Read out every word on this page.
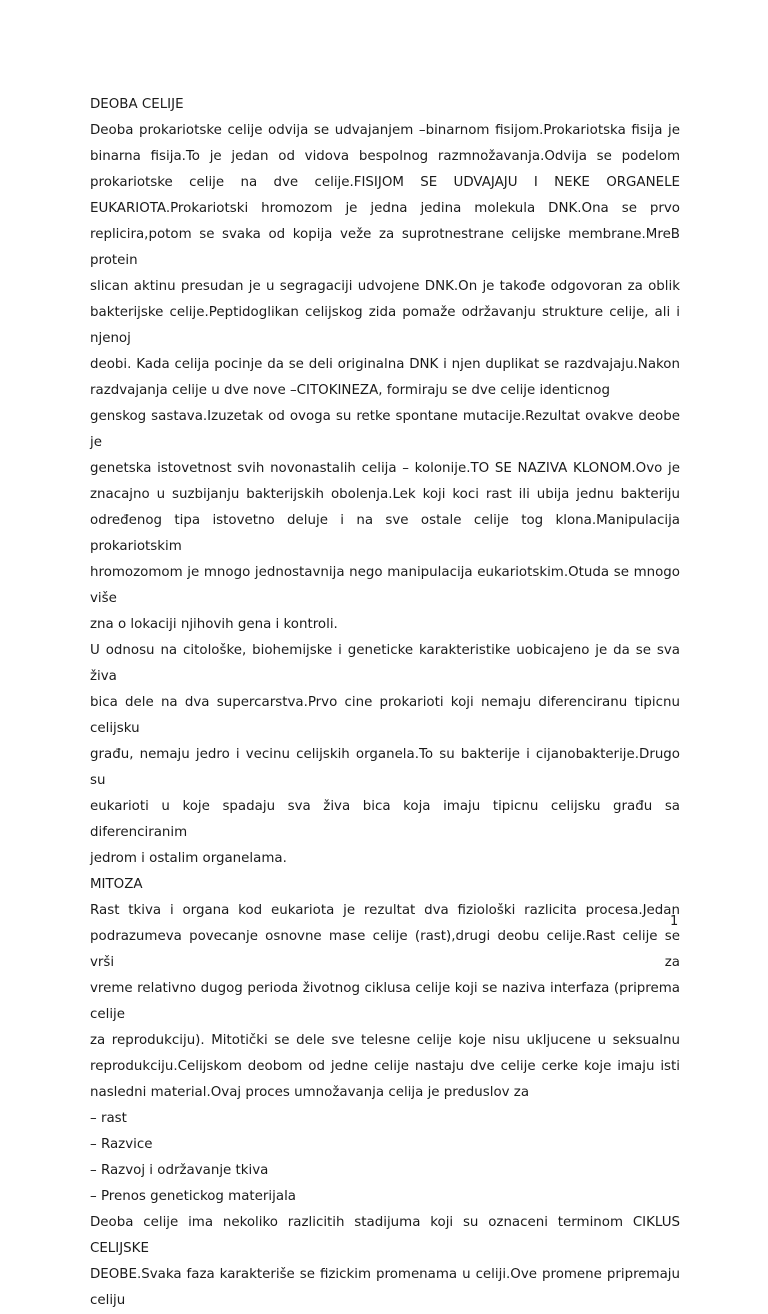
DEOBA CELIJE

Deoba prokariotske celije odvija se udvajanjem –binarnom fisijom.Prokariotska fisija je

binarna fisija.To je jedan od vidova bespolnog razmnožavanja.Odvija se podelom

prokariotske celije na dve celije.FISIJOM SE UDVAJAJU I NEKE ORGANELE

EUKARIOTA.Prokariotski hromozom je jedna jedina molekula DNK.Ona se prvo

replicira,potom se svaka od kopija veže za suprotnestrane celijske membrane.MreB protein

slican aktinu presudan je u segragaciji udvojene DNK.On je takođe odgovoran za oblik

bakterijske celije.Peptidoglikan celijskog zida pomaže održavanju strukture celije, ali i njenoj

deobi. Kada celija pocinje da se deli originalna DNK i njen duplikat se razdvajaju.Nakon

razdvajanja celije u dve nove –CITOKINEZA, formiraju se dve celije identicnog

genskog sastava.Izuzetak od ovoga su retke spontane mutacije.Rezultat ovakve deobe je

genetska istovetnost svih novonastalih celija – kolonije.TO SE NAZIVA KLONOM.Ovo je

znacajno u suzbijanju bakterijskih obolenja.Lek koji koci rast ili ubija jednu bakteriju

određenog tipa istovetno deluje i na sve ostale celije tog klona.Manipulacija prokariotskim

hromozomom je mnogo jednostavnija nego manipulacija eukariotskim.Otuda se mnogo više

zna o lokaciji njihovih gena i kontroli.

U odnosu na citološke, biohemijske i geneticke karakteristike uobicajeno je da se sva živa

bica dele na dva supercarstva.Prvo cine prokarioti koji nemaju diferenciranu tipicnu celijsku

građu, nemaju jedro i vecinu celijskih organela.To su bakterije i cijanobakterije.Drugo su

eukarioti u koje spadaju sva živa bica koja imaju tipicnu celijsku građu sa diferenciranim

jedrom i ostalim organelama.

MITOZA

Rast tkiva i organa kod eukariota je rezultat dva fiziološki razlicita procesa.Jedan

podrazumeva povecanje osnovne mase celije (rast),drugi deobu celije.Rast celije se vrši za

vreme relativno dugog perioda životnog ciklusa celije koji se naziva interfaza (priprema celije

za reprodukciju). Mitotički se dele sve telesne celije koje nisu ukljucene u seksualnu

reprodukciju.Celijskom deobom od jedne celije nastaju dve celije cerke koje imaju isti

nasledni material.Ovaj proces umnožavanja celija je preduslov za

– rast

– Razvice

– Razvoj i održavanje tkiva

– Prenos genetickog materijala

Deoba celije ima nekoliko razlicitih stadijuma koji su oznaceni terminom CIKLUS CELIJSKE

DEOBE.Svaka faza karakteriše se fizickim promenama u celiji.Ove promene pripremaju celiju

1
